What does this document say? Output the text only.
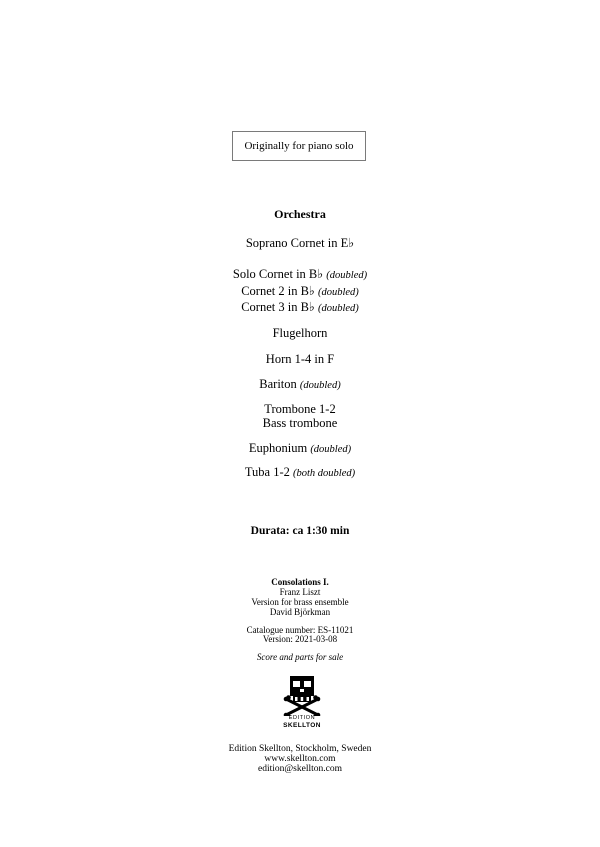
Originally for piano solo
Orchestra
Soprano Cornet in E♭
Solo Cornet in B♭ (doubled)
Cornet 2 in B♭ (doubled)
Cornet 3 in B♭ (doubled)
Flugelhorn
Horn 1-4 in F
Bariton (doubled)
Trombone 1-2
Bass trombone
Euphonium (doubled)
Tuba 1-2 (both doubled)
Durata: ca 1:30 min
Consolations I.
Franz Liszt
Version for brass ensemble
David Björkman
Catalogue number: ES-11021
Version: 2021-03-08
Score and parts for sale
EDITION
SKELLTON
Edition Skellton, Stockholm, Sweden
www.skellton.com
edition@skellton.com
